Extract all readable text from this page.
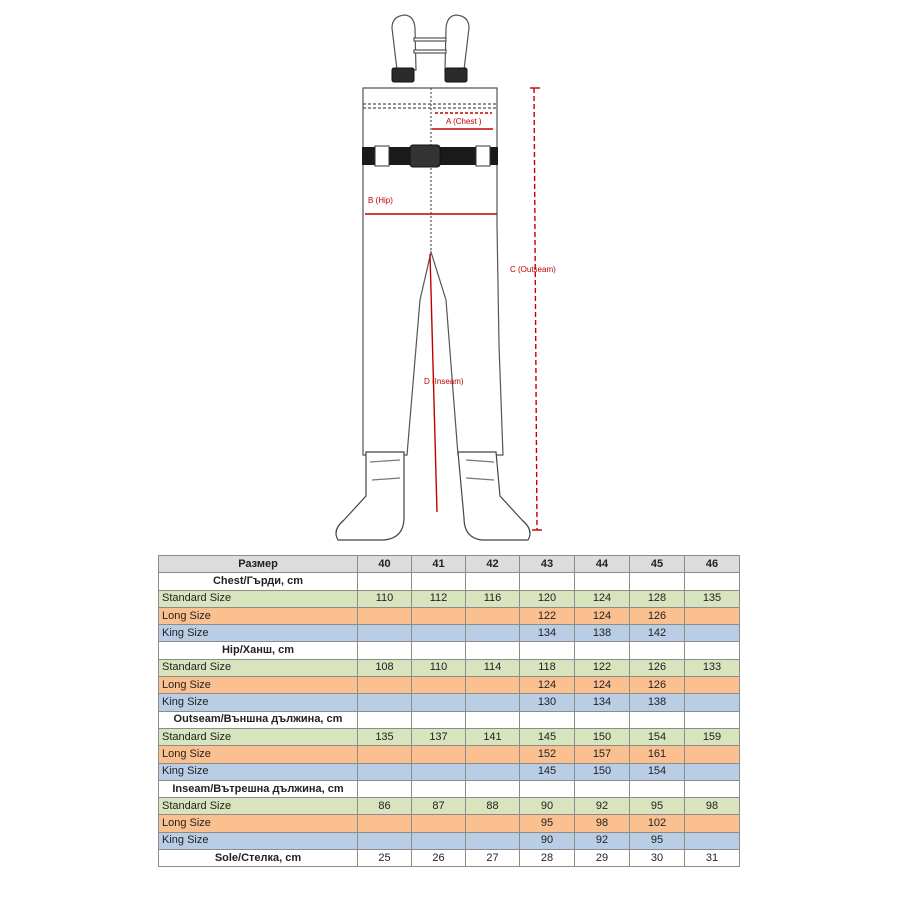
A (Chest )
B (Hip)
C (Outseam)
D (Inseam)
Размер	40	41	42	43	44	45	46
Chest/Гърди, cm							
Standard Size	110	112	116	120	124	128	135
Long Size				122	124	126	
King Size				134	138	142	
Hip/Ханш, cm							
Standard Size	108	110	114	118	122	126	133
Long Size				124	124	126	
King Size				130	134	138	
Outseam/Външна дължина, cm							
Standard Size	135	137	141	145	150	154	159
Long Size				152	157	161	
King Size				145	150	154	
Inseam/Вътрешна дължина, cm							
Standard Size	86	87	88	90	92	95	98
Long Size				95	98	102	
King Size				90	92	95	
Sole/Стелка, cm	25	26	27	28	29	30	31
